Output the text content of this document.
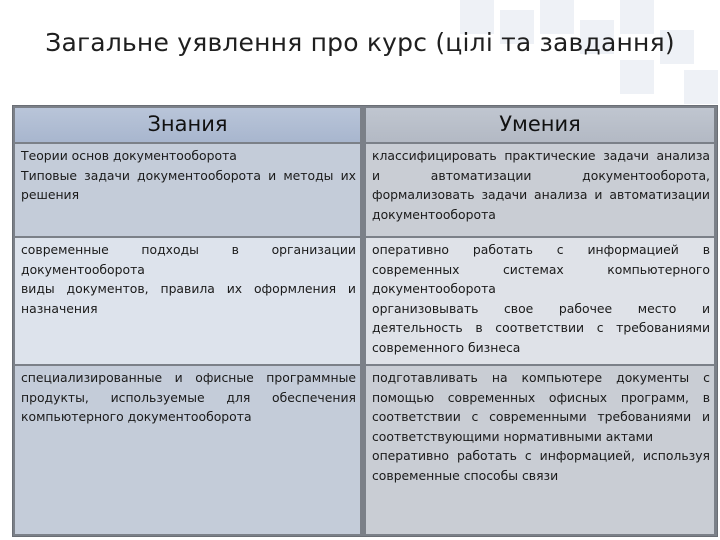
Загальне уявлення про курс (цілі та завдання)
Знания	Умения

Теории основ документооборота

Типовые задачи документооборота и методы их решения

классифицировать практические задачи анализа и автоматизации документооборота, формализовать задачи анализа и автоматизации документооборота

современные подходы в организации документооборота

виды документов, правила их оформления и назначения

оперативно работать с информацией в современных системах компьютерного документооборота

организовывать свое рабочее место и деятельность в соответствии с требованиями современного бизнеса

специализированные и офисные программные продукты, используемые для обеспечения компьютерного документооборота

подготавливать на компьютере документы с помощью современных офисных программ, в соответствии с современными требованиями и соответствующими нормативными актами

оперативно работать с информацией, используя современные способы связи
